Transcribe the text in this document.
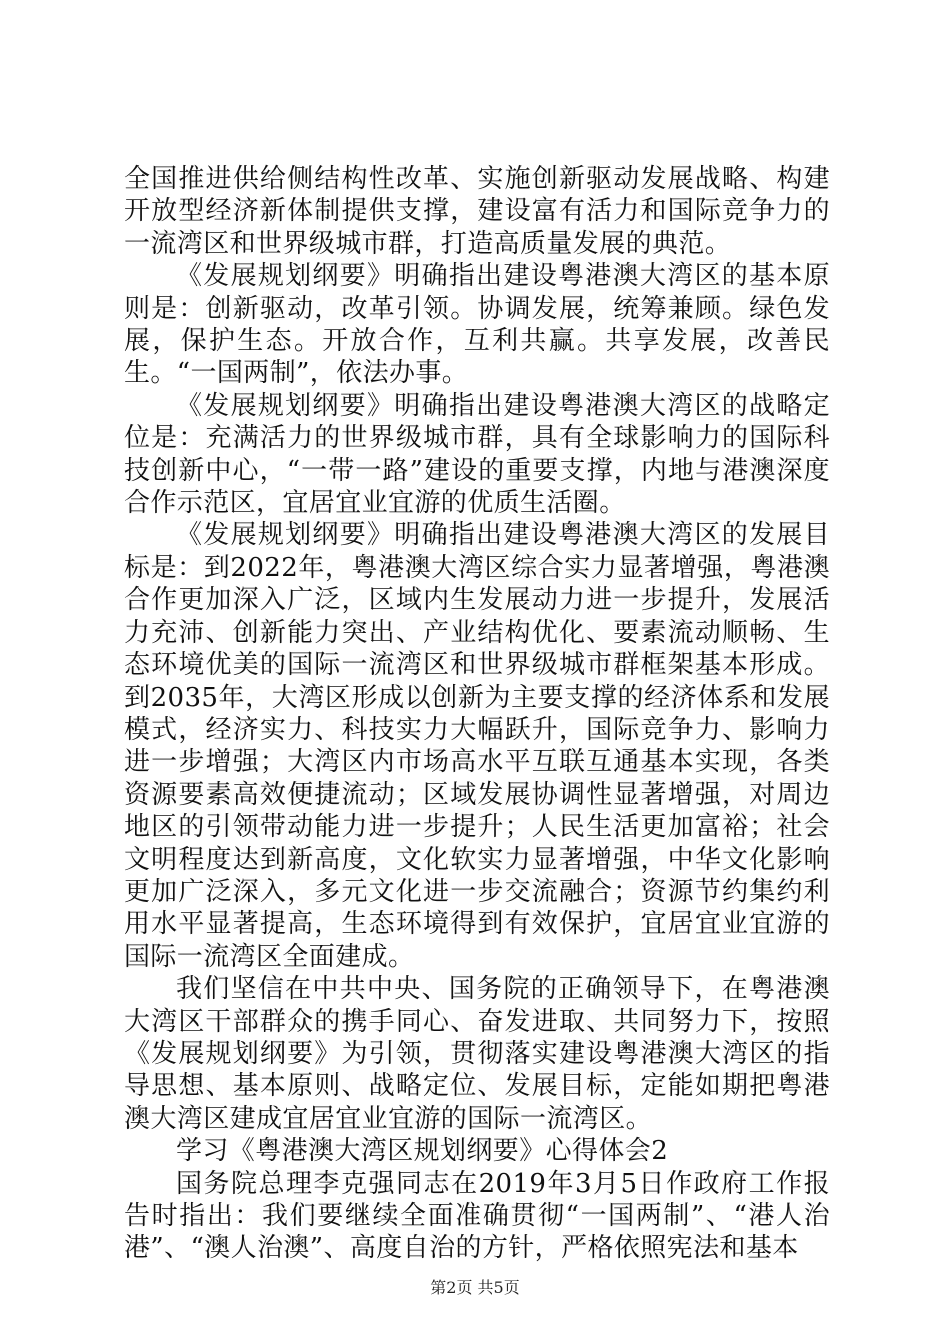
全国推进供给侧结构性改革、实施创新驱动发展战略、构建开放型经济新体制提供支撑，建设富有活力和国际竞争力的一流湾区和世界级城市群，打造高质量发展的典范。

《发展规划纲要》明确指出建设粤港澳大湾区的基本原则是：创新驱动，改革引领。协调发展，统筹兼顾。绿色发展，保护生态。开放合作，互利共赢。共享发展，改善民生。“一国两制”，依法办事。

《发展规划纲要》明确指出建设粤港澳大湾区的战略定位是：充满活力的世界级城市群，具有全球影响力的国际科技创新中心，“一带一路”建设的重要支撑，内地与港澳深度合作示范区，宜居宜业宜游的优质生活圈。

《发展规划纲要》明确指出建设粤港澳大湾区的发展目标是：到2022年，粤港澳大湾区综合实力显著增强，粤港澳合作更加深入广泛，区域内生发展动力进一步提升，发展活力充沛、创新能力突出、产业结构优化、要素流动顺畅、生态环境优美的国际一流湾区和世界级城市群框架基本形成。到2035年，大湾区形成以创新为主要支撑的经济体系和发展模式，经济实力、科技实力大幅跃升，国际竞争力、影响力进一步增强；大湾区内市场高水平互联互通基本实现，各类资源要素高效便捷流动；区域发展协调性显著增强，对周边地区的引领带动能力进一步提升；人民生活更加富裕；社会文明程度达到新高度，文化软实力显著增强，中华文化影响更加广泛深入，多元文化进一步交流融合；资源节约集约利用水平显著提高，生态环境得到有效保护，宜居宜业宜游的国际一流湾区全面建成。

我们坚信在中共中央、国务院的正确领导下，在粤港澳大湾区干部群众的携手同心、奋发进取、共同努力下，按照《发展规划纲要》为引领，贯彻落实建设粤港澳大湾区的指导思想、基本原则、战略定位、发展目标，定能如期把粤港澳大湾区建成宜居宜业宜游的国际一流湾区。

学习《粤港澳大湾区规划纲要》心得体会2

国务院总理李克强同志在2019年3月5日作政府工作报告时指出：我们要继续全面准确贯彻“一国两制”、“港人治港”、“澳人治澳”、高度自治的方针，严格依照宪法和基本

第2页 共5页
